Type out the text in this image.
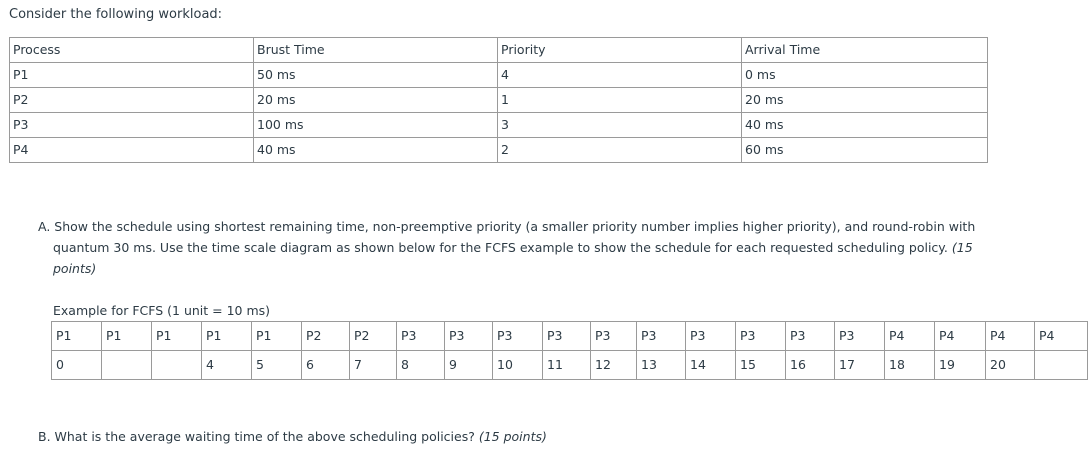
Consider the following workload:

Process	Brust Time	Priority	Arrival Time
P1	50 ms	4	0 ms
P2	20 ms	1	20 ms
P3	100 ms	3	40 ms
P4	40 ms	2	60 ms

A. Show the schedule using shortest remaining time, non-preemptive priority (a smaller priority number implies higher priority), and round-robin with quantum 30 ms. Use the time scale diagram as shown below for the FCFS example to show the schedule for each requested scheduling policy. (15 points)

Example for FCFS (1 unit = 10 ms)

P1	P1	P1	P1	P1	P2	P2	P3	P3	P3	P3	P3	P3	P3	P3	P3	P3	P4	P4	P4	P4
0			4	5	6	7	8	9	10	11	12	13	14	15	16	17	18	19	20	

B. What is the average waiting time of the above scheduling policies? (15 points)
